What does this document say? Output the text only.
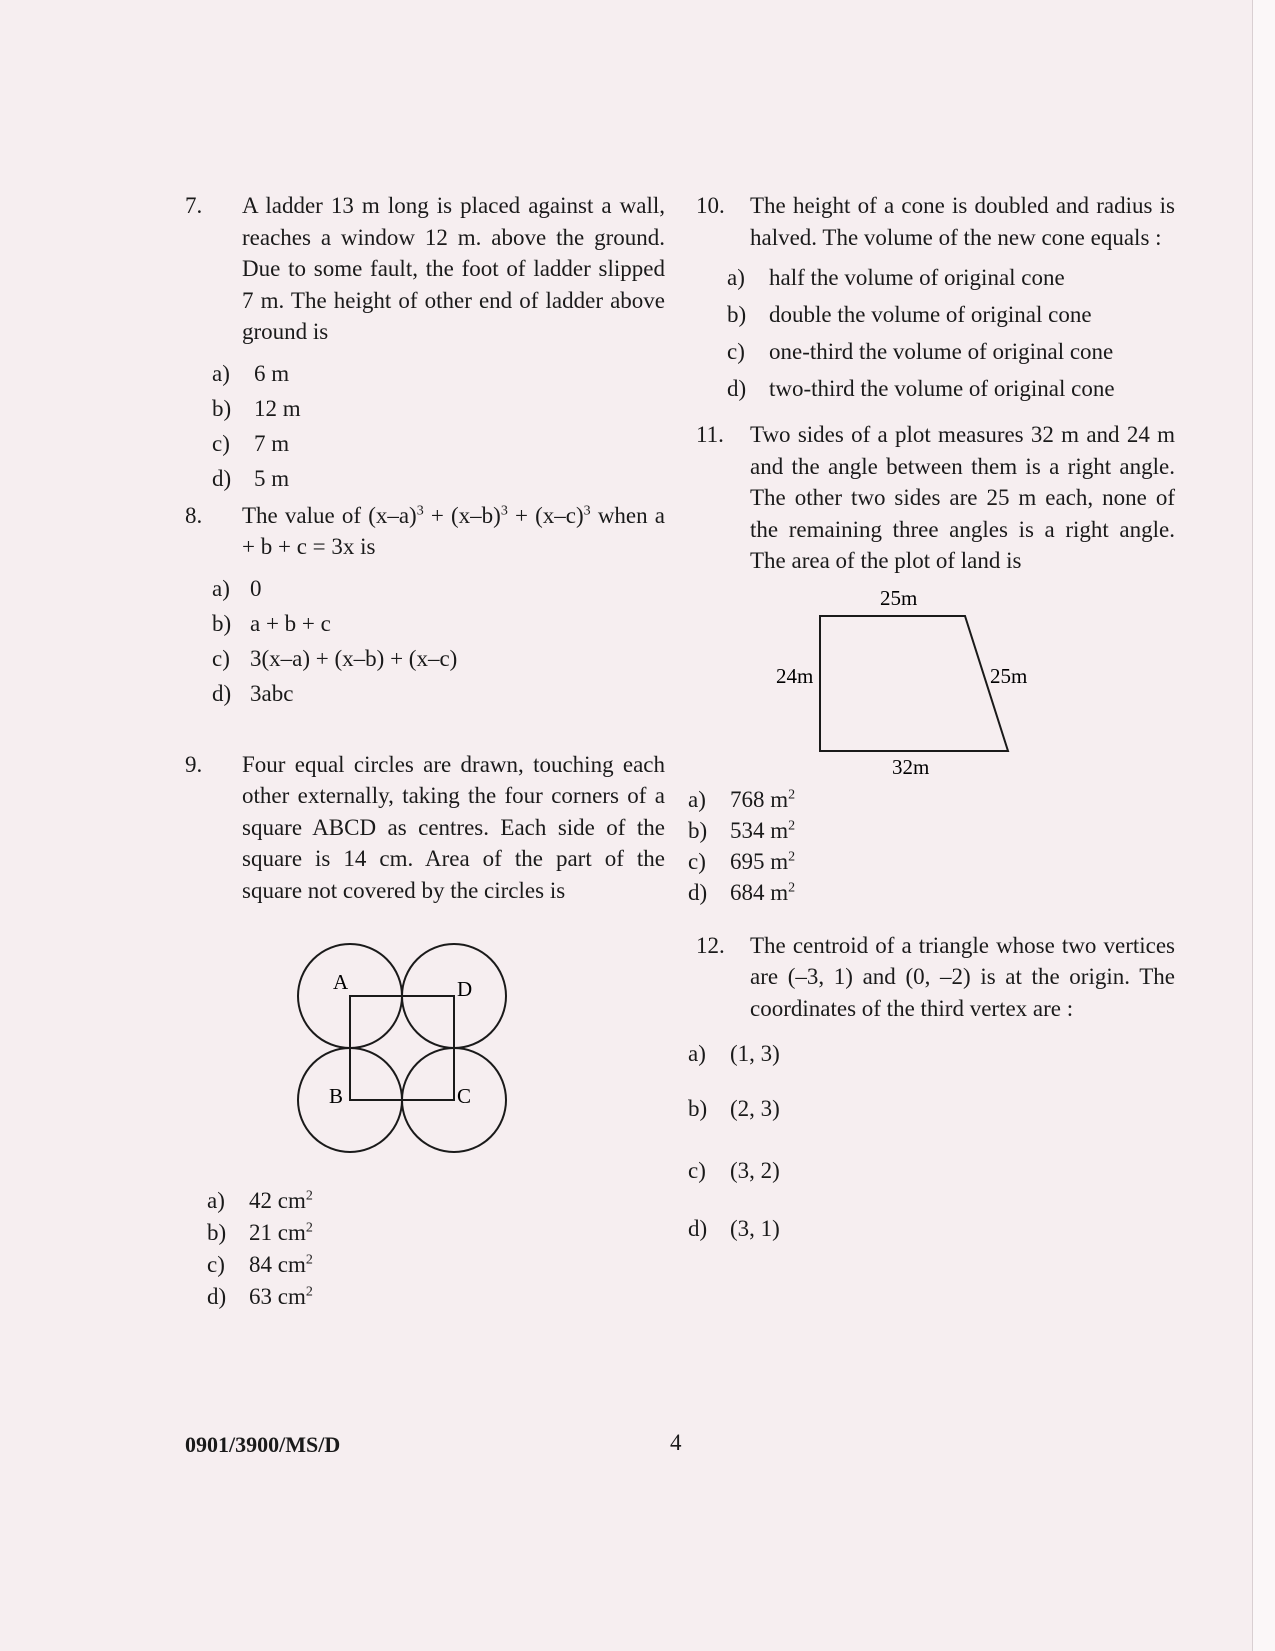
7. A ladder 13 m long is placed against a wall, reaches a window 12 m. above the ground. Due to some fault, the foot of ladder slipped 7 m. The height of other end of ladder above ground is
a) 6 m
b) 12 m
c) 7 m
d) 5 m
8. The value of $(x-a)^3 + (x-b)^3 + (x-c)^3$ when a + b + c = 3x is
a) 0
b) a + b + c
c) 3(x–a) + (x–b) + (x–c)
d) 3abc
9. Four equal circles are drawn, touching each other externally, taking the four corners of a square ABCD as centres. Each side of the square is 14 cm. Area of the part of the square not covered by the circles is
A	D
B	C
a) 42 $cm^2$
b) 21 $cm^2$
c) 84 $cm^2$
d) 63 $cm^2$
10. The height of a cone is doubled and radius is halved. The volume of the new cone equals :
a) half the volume of original cone
b) double the volume of original cone
c) one-third the volume of original cone
d) two-third the volume of original cone
11. Two sides of a plot measures 32 m and 24 m and the angle between them is a right angle. The other two sides are 25 m each, none of the remaining three angles is a right angle. The area of the plot of land is
25m
24m	25m
32m
a) 768 $m^2$
b) 534 $m^2$
c) 695 $m^2$
d) 684 $m^2$
12. The centroid of a triangle whose two vertices are (–3, 1) and (0, –2) is at the origin. The coordinates of the third vertex are :
a) (1, 3)
b) (2, 3)
c) (3, 2)
d) (3, 1)
0901/3900/MS/D	4
